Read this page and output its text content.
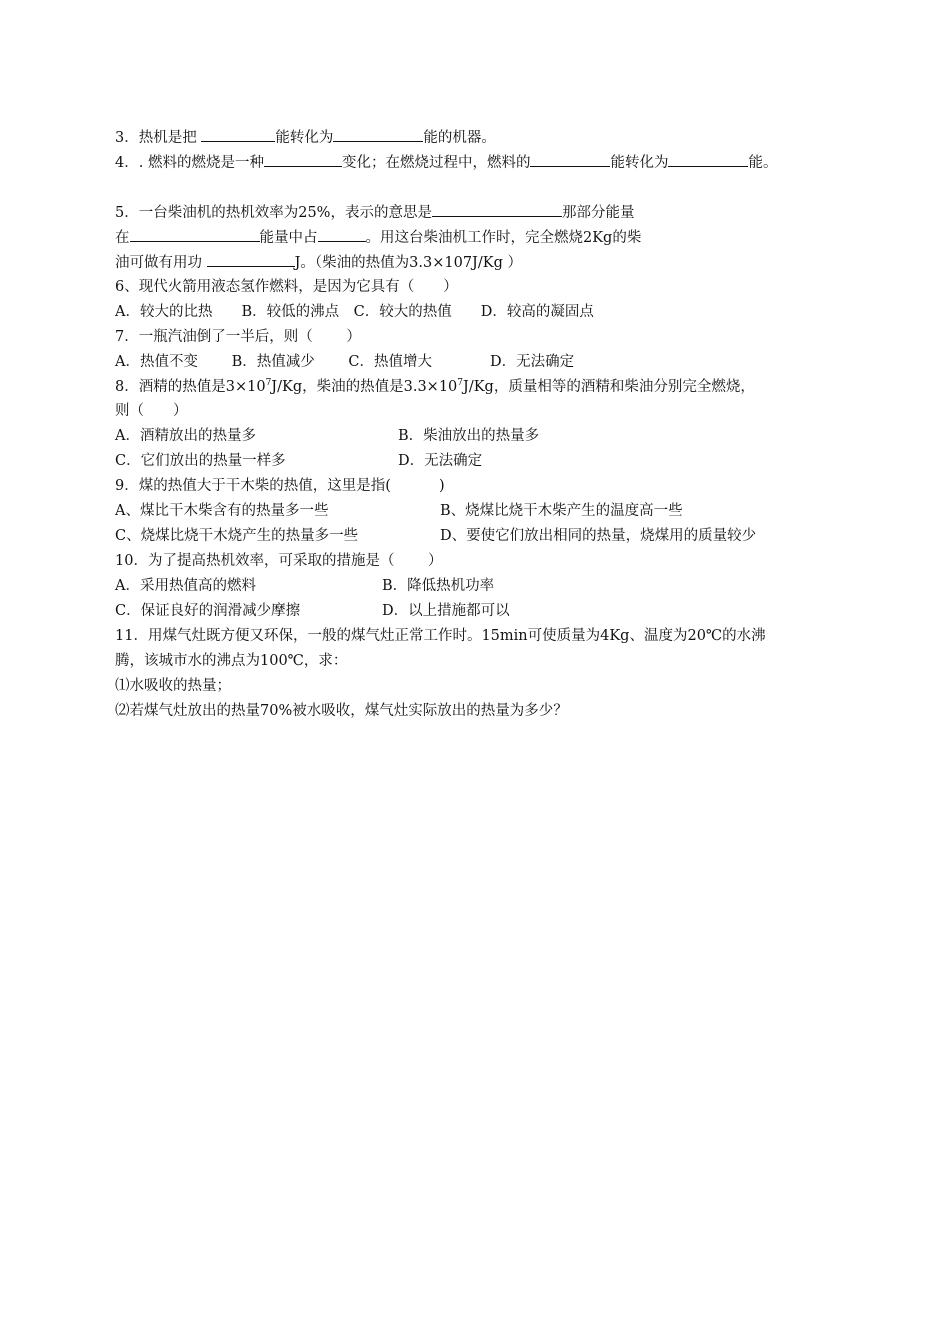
3．热机是把	能转化为	能的机器。
4．. 燃料的燃烧是一种	变化；在燃烧过程中，燃料的	能转化为	能。
5．一台柴油机的热机效率为25%，表示的意思是	那部分能量
在	能量中占	。用这台柴油机工作时，完全燃烧2Kg的柴
油可做有用功	J。（柴油的热值为3.3×107J/Kg ）
6、现代火箭用液态氢作燃料，是因为它具有（　　）
A．较大的比热　　B．较低的沸点　C．较大的热值　　D．较高的凝固点
7．一瓶汽油倒了一半后，则（　　 ）
A．热值不变　　 B．热值减少　　 C．热值增大　　　　D．无法确定
8．酒精的热值是$3\times 10^7J/Kg$，柴油的热值是$3.3\times 10^7J/Kg$，质量相等的酒精和柴油分别完全燃烧，
则（　　）
A．酒精放出的热量多	B．柴油放出的热量多
C．它们放出的热量一样多	D．无法确定
9．煤的热值大于干木柴的热值，这里是指(　　　 )
A、煤比干木柴含有的热量多一些	B、烧煤比烧干木柴产生的温度高一些
C、烧煤比烧干木烧产生的热量多一些	D、要使它们放出相同的热量，烧煤用的质量较少
10．为了提高热机效率，可采取的措施是（　　 ）
A．采用热值高的燃料	B．降低热机功率
C．保证良好的润滑减少摩擦	D．以上措施都可以
11．用煤气灶既方便又环保，一般的煤气灶正常工作时。15min可使质量为4Kg、温度为20℃的水沸
腾，该城市水的沸点为100℃，求：
⑴水吸收的热量；
⑵若煤气灶放出的热量70%被水吸收，煤气灶实际放出的热量为多少？
